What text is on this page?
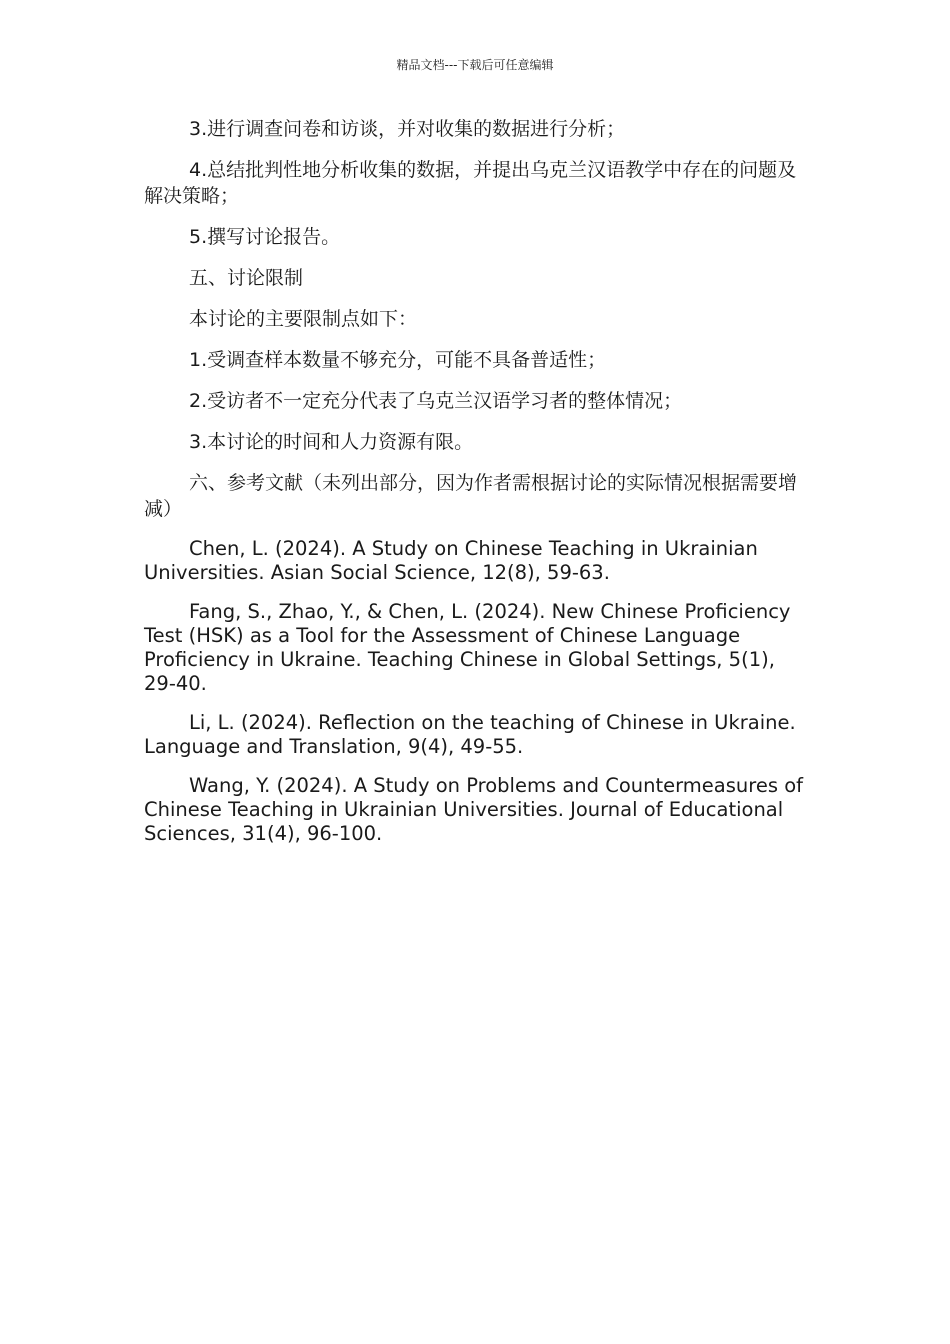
精品文档---下载后可任意编辑

3.进行调查问卷和访谈，并对收集的数据进行分析；

4.总结批判性地分析收集的数据，并提出乌克兰汉语教学中存在的问题及解决策略；

5.撰写讨论报告。

五、讨论限制

本讨论的主要限制点如下：

1.受调查样本数量不够充分，可能不具备普适性；

2.受访者不一定充分代表了乌克兰汉语学习者的整体情况；

3.本讨论的时间和人力资源有限。

六、参考文献（未列出部分，因为作者需根据讨论的实际情况根据需要增减）

Chen, L. (2024). A Study on Chinese Teaching in Ukrainian Universities. Asian Social Science, 12(8), 59-63.

Fang, S., Zhao, Y., & Chen, L. (2024). New Chinese Proficiency Test (HSK) as a Tool for the Assessment of Chinese Language Proficiency in Ukraine. Teaching Chinese in Global Settings, 5(1), 29-40.

Li, L. (2024). Reflection on the teaching of Chinese in Ukraine. Language and Translation, 9(4), 49-55.

Wang, Y. (2024). A Study on Problems and Countermeasures of Chinese Teaching in Ukrainian Universities. Journal of Educational Sciences, 31(4), 96-100.
